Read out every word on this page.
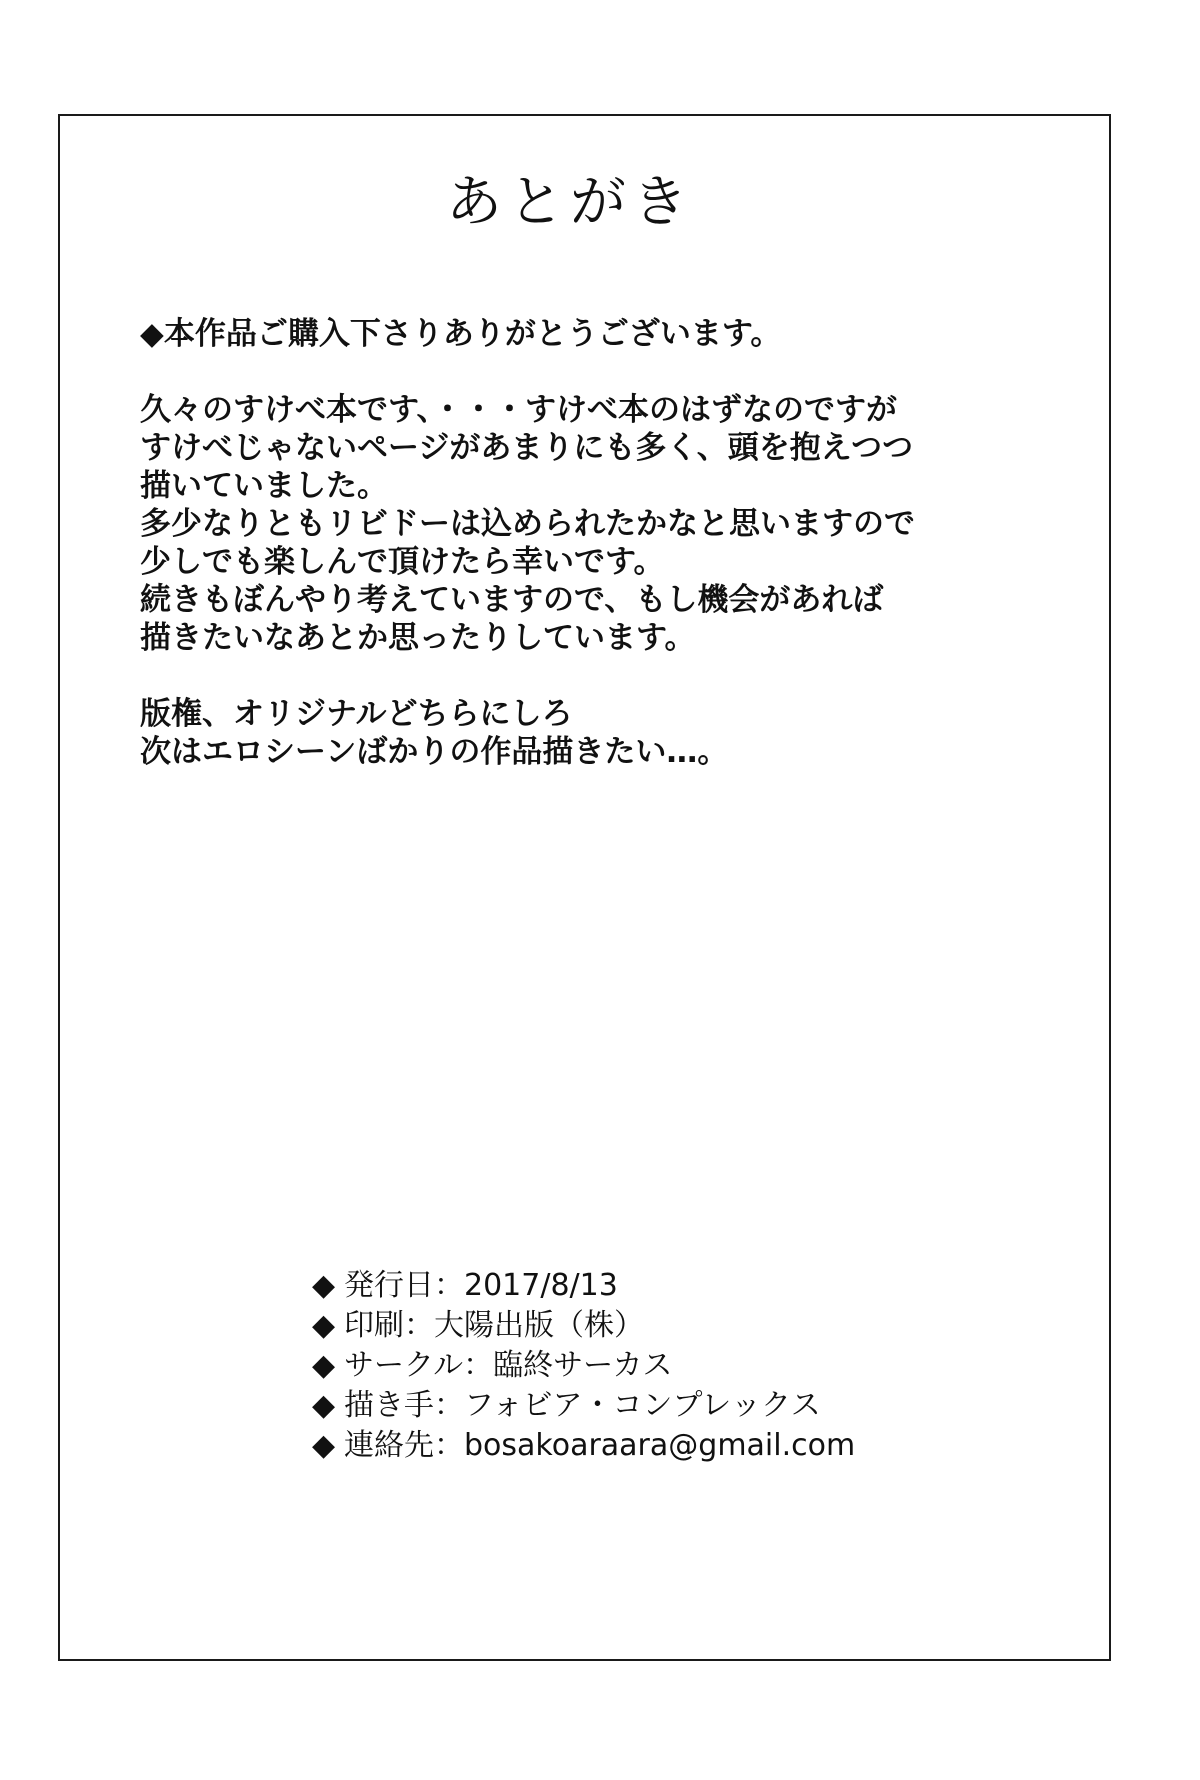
あとがき
◆本作品ご購入下さりありがとうございます。
久々のすけべ本です、・・・すけべ本のはずなのですが
すけべじゃないページがあまりにも多く、頭を抱えつつ
描いていました。
多少なりともリビドーは込められたかなと思いますので
少しでも楽しんで頂けたら幸いです。
続きもぼんやり考えていますので、もし機会があれば
描きたいなあとか思ったりしています。
版権、オリジナルどちらにしろ
次はエロシーンばかりの作品描きたい…。
◆ 発行日：2017/8/13
◆ 印刷：大陽出版（株）
◆ サークル：臨終サーカス
◆ 描き手：フォビア・コンプレックス
◆ 連絡先：bosakoaraara@gmail.com
